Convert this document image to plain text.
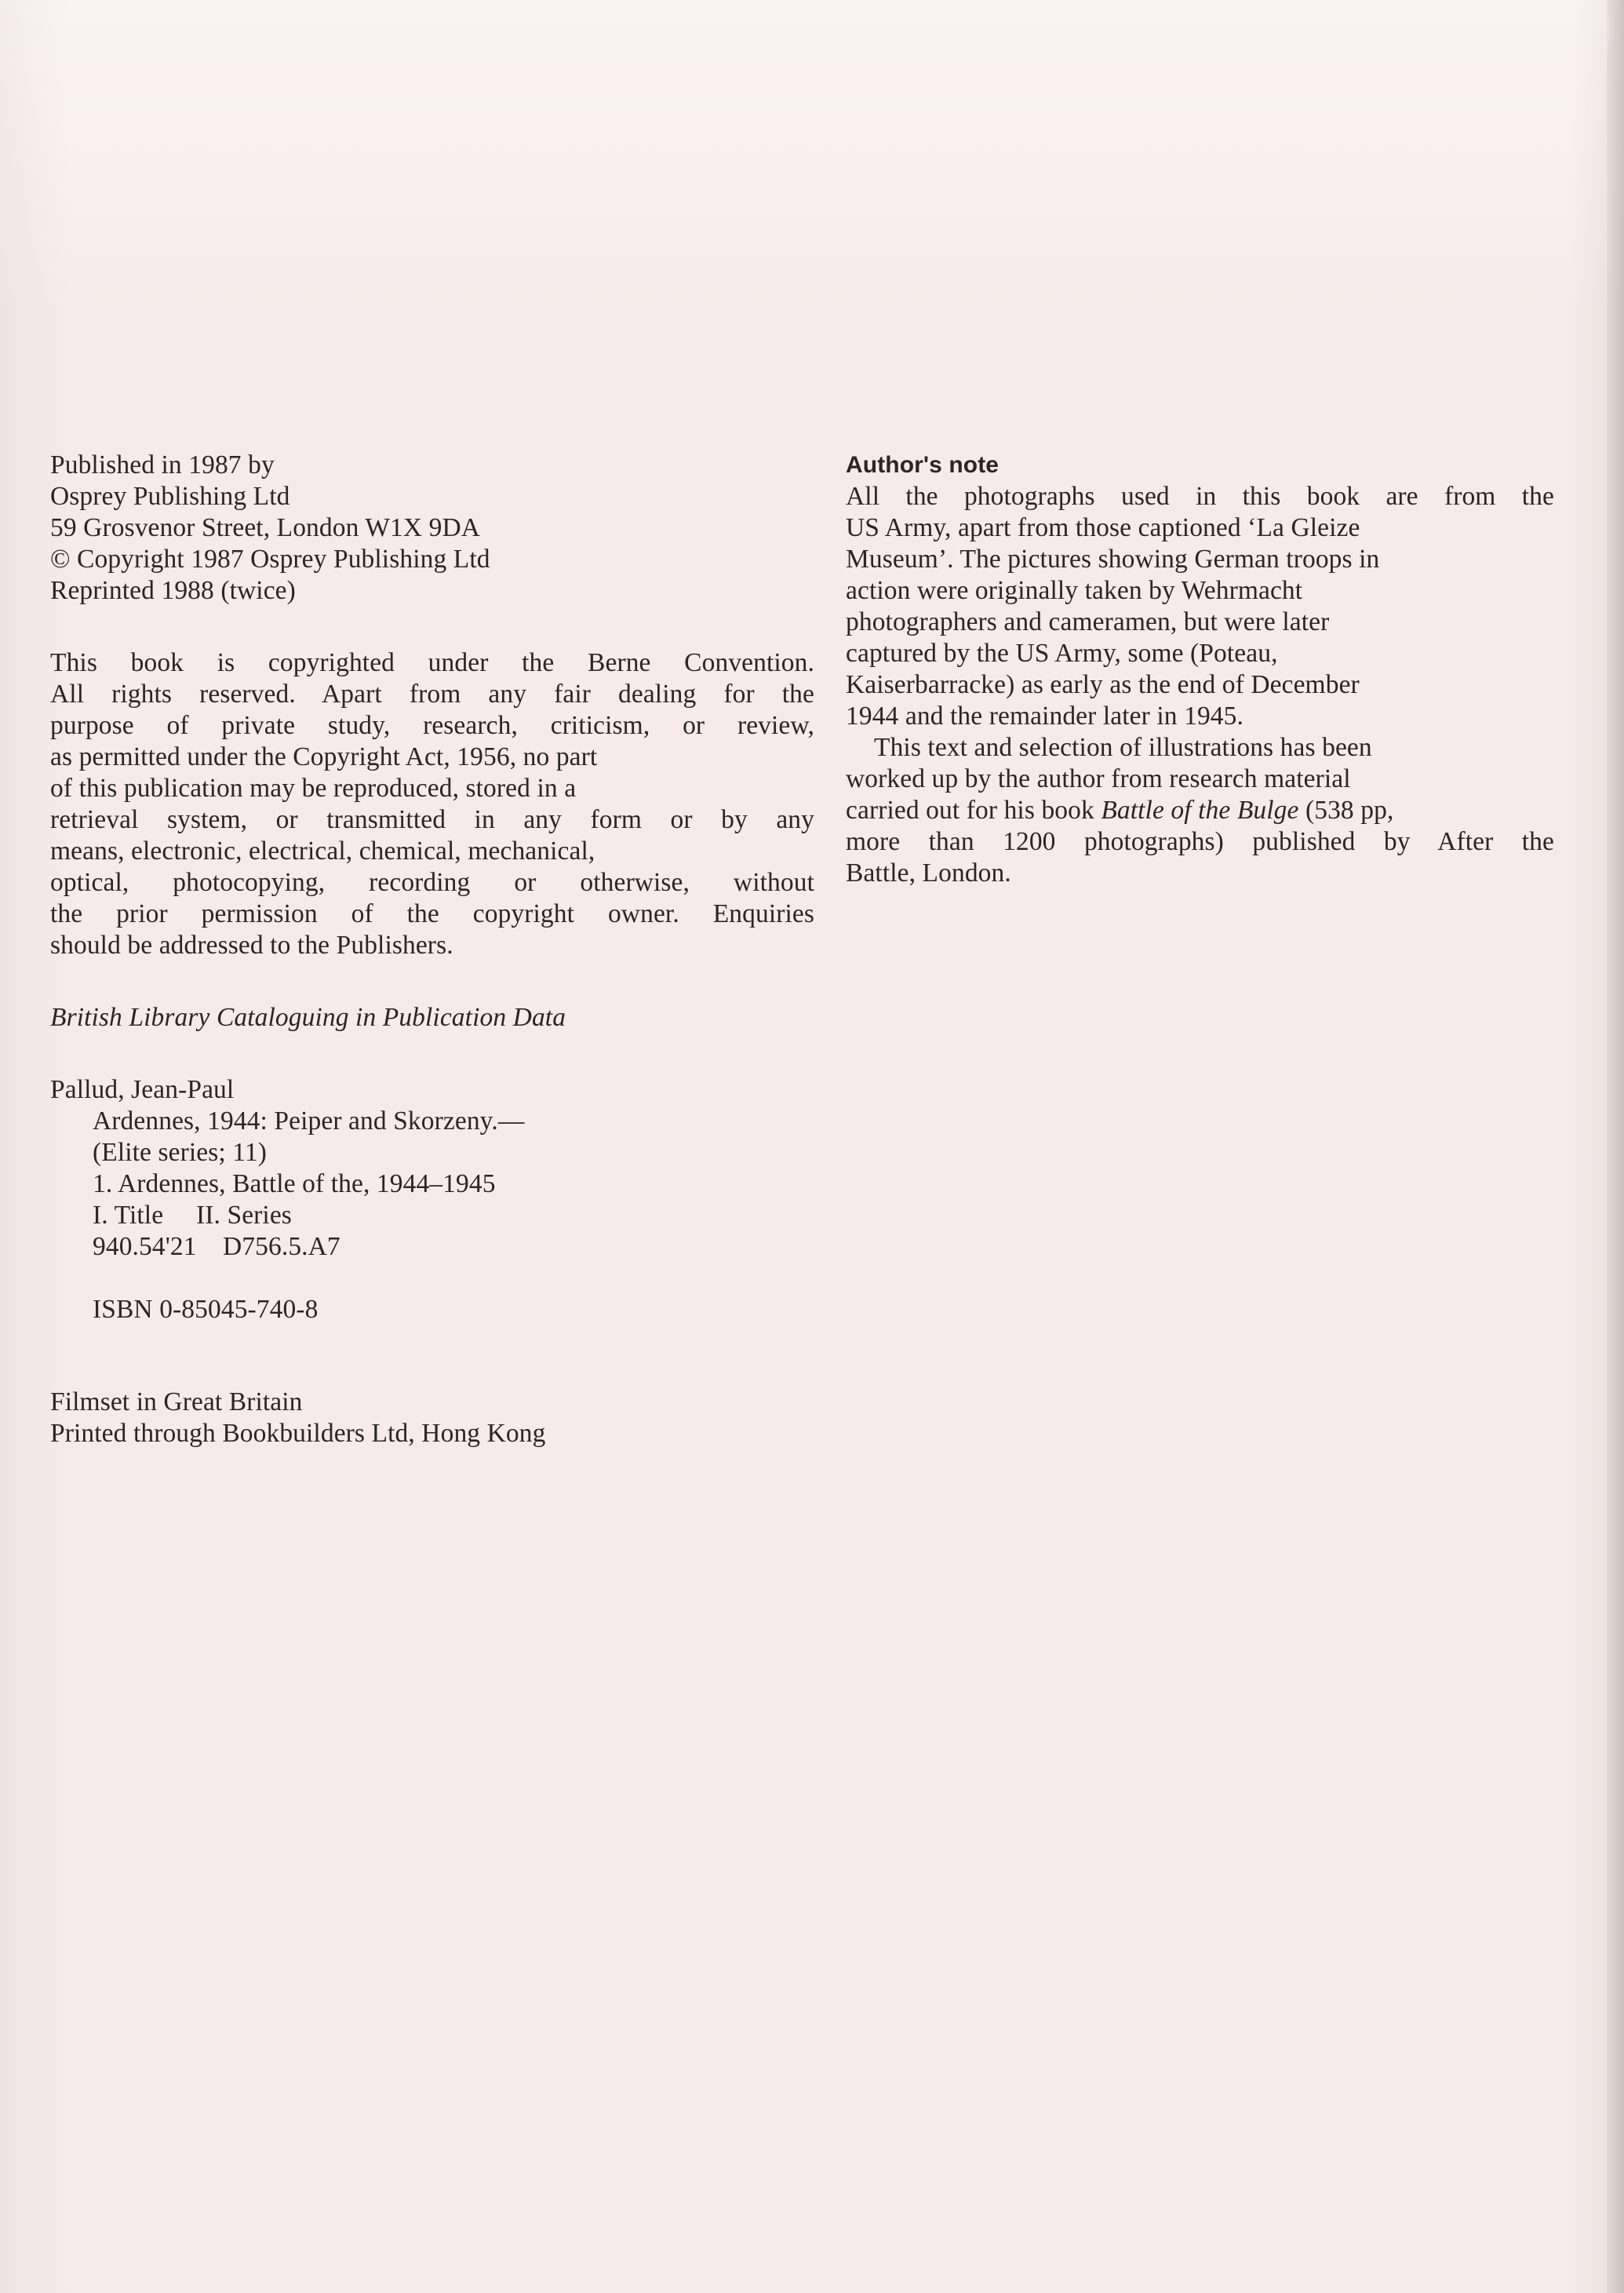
Published in 1987 by
Osprey Publishing Ltd
59 Grosvenor Street, London W1X 9DA
© Copyright 1987 Osprey Publishing Ltd
Reprinted 1988 (twice)
This book is copyrighted under the Berne Convention.
All rights reserved. Apart from any fair dealing for the
purpose of private study, research, criticism, or review,
as permitted under the Copyright Act, 1956, no part
of this publication may be reproduced, stored in a
retrieval system, or transmitted in any form or by any
means, electronic, electrical, chemical, mechanical,
optical, photocopying, recording or otherwise, without
the prior permission of the copyright owner. Enquiries
should be addressed to the Publishers.
British Library Cataloguing in Publication Data
Pallud, Jean-Paul
Ardennes, 1944: Peiper and Skorzeny.—
(Elite series; 11)
1. Ardennes, Battle of the, 1944–1945
I. Title	II. Series
940.54'21 D756.5.A7
ISBN 0-85045-740-8
Filmset in Great Britain
Printed through Bookbuilders Ltd, Hong Kong
Author's note
All the photographs used in this book are from the
US Army, apart from those captioned ‘La Gleize
Museum’. The pictures showing German troops in
action were originally taken by Wehrmacht
photographers and cameramen, but were later
captured by the US Army, some (Poteau,
Kaiserbarracke) as early as the end of December
1944 and the remainder later in 1945.
This text and selection of illustrations has been
worked up by the author from research material
carried out for his book Battle of the Bulge (538 pp,
more than 1200 photographs) published by After the
Battle, London.
